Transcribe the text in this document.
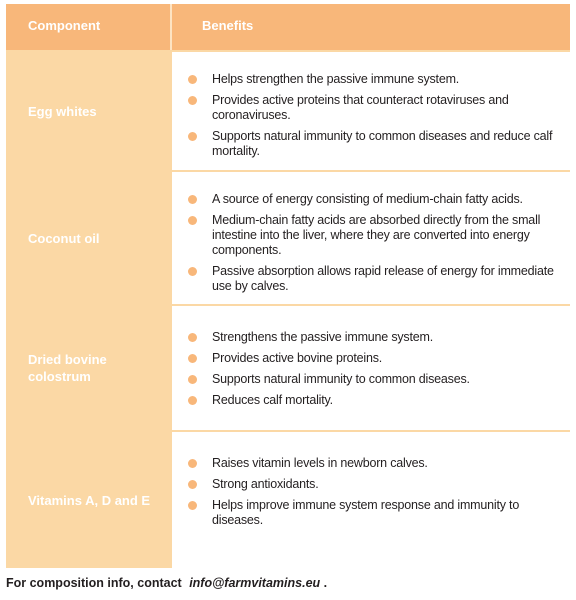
Component	Benefits
Egg whites
Helps strengthen the passive immune system.
Provides active proteins that counteract rotaviruses and coronaviruses.
Supports natural immunity to common diseases and reduce calf mortality.
Coconut oil
A source of energy consisting of medium-chain fatty acids.
Medium-chain fatty acids are absorbed directly from the small intestine into the liver, where they are converted into energy components.
Passive absorption allows rapid release of energy for immediate use by calves.
Dried bovine colostrum
Strengthens the passive immune system.
Provides active bovine proteins.
Supports natural immunity to common diseases.
Reduces calf mortality.
Vitamins A, D and E
Raises vitamin levels in newborn calves.
Strong antioxidants.
Helps improve immune system response and immunity to diseases.
For composition info, contact info@farmvitamins.eu .
